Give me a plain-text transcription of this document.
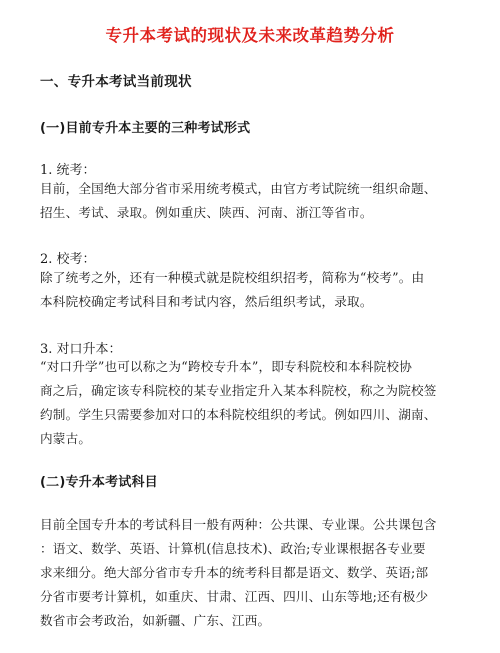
专升本考试的现状及未来改革趋势分析
一、专升本考试当前现状
(一)目前专升本主要的三种考试形式
1. 统考：
目前，全国绝大部分省市采用统考模式，由官方考试院统一组织命题、
招生、考试、录取。例如重庆、陕西、河南、浙江等省市。
2. 校考：
除了统考之外，还有一种模式就是院校组织招考，简称为“校考”。由
本科院校确定考试科目和考试内容，然后组织考试，录取。
3. 对口升本：
“对口升学”也可以称之为“跨校专升本”，即专科院校和本科院校协
商之后，确定该专科院校的某专业指定升入某本科院校，称之为院校签
约制。学生只需要参加对口的本科院校组织的考试。例如四川、湖南、
内蒙古。
(二)专升本考试科目
目前全国专升本的考试科目一般有两种：公共课、专业课。公共课包含
：语文、数学、英语、计算机(信息技术)、政治;专业课根据各专业要
求来细分。绝大部分省市专升本的统考科目都是语文、数学、英语;部
分省市要考计算机，如重庆、甘肃、江西、四川、山东等地;还有极少
数省市会考政治，如新疆、广东、江西。
